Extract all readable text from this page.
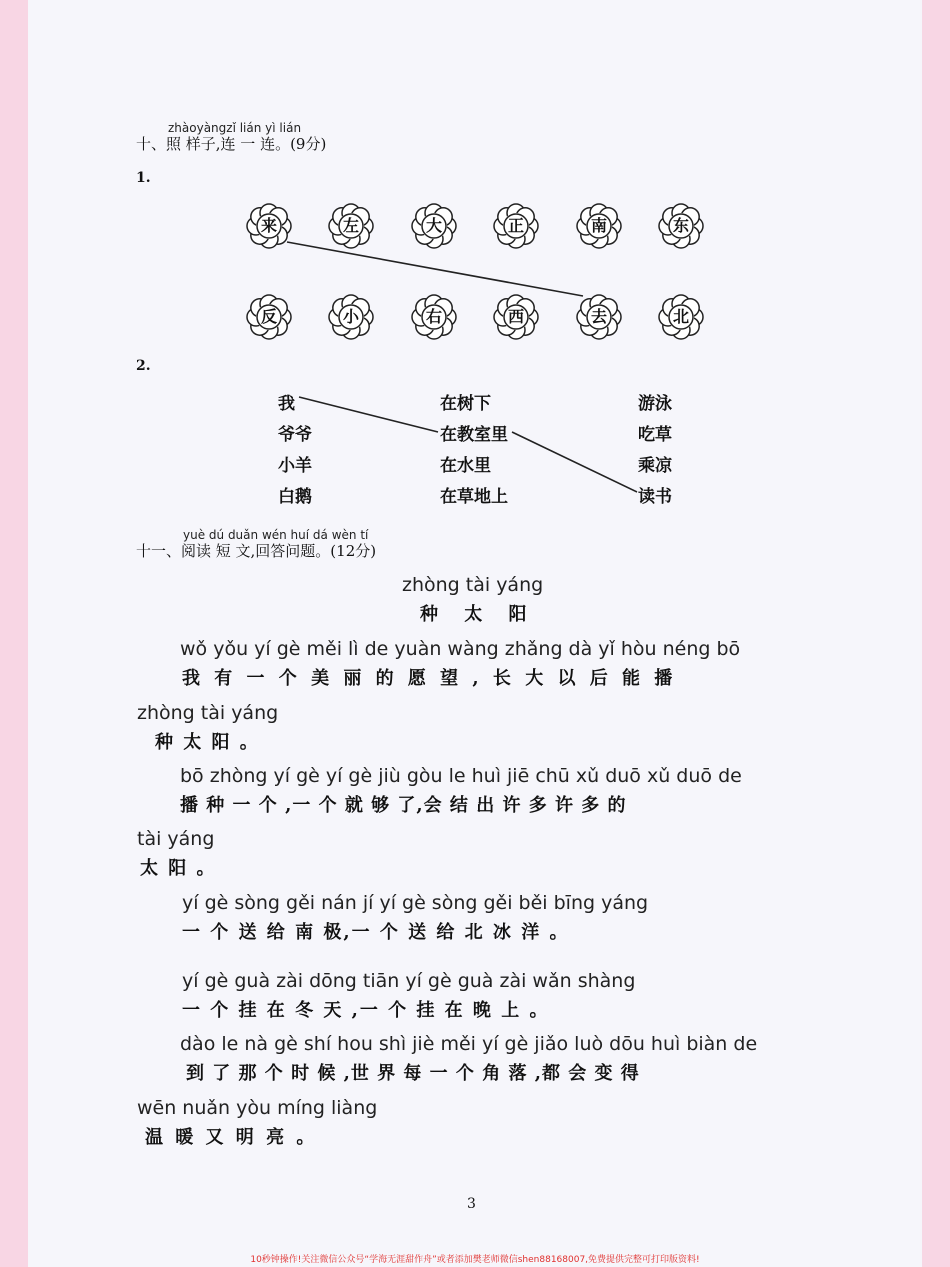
zhàoyàngzǐ lián yì lián
十、照 样子,连 一 连。(9分)
1.
来	左	大	正	南	东
反	小	右	西	去	北
2.
我
爷爷
小羊
白鹅
在树下
在教室里
在水里
在草地上
游泳
吃草
乘凉
读书
yuè dú duǎn wén huí dá wèn tí
十一、阅读 短 文,回答问题。(12分)
zhòng tài yáng
种 太 阳
wǒ yǒu yí gè měi lì de yuàn wàng zhǎng dà yǐ hòu néng bō
我 有 一 个 美 丽 的 愿 望 , 长 大 以 后 能 播
zhòng tài yáng
种 太 阳 。
bō zhòng yí gè yí gè jiù gòu le huì jiē chū xǔ duō xǔ duō de
播 种 一 个 ,一 个 就 够 了,会 结 出 许 多 许 多 的
tài yáng
太 阳 。
yí gè sòng gěi nán jí yí gè sòng gěi běi bīng yáng
一 个 送 给 南 极,一 个 送 给 北 冰 洋 。
yí gè guà zài dōng tiān yí gè guà zài wǎn shàng
一 个 挂 在 冬 天 ,一 个 挂 在 晚 上 。
dào le nà gè shí hou shì jiè měi yí gè jiǎo luò dōu huì biàn de
到 了 那 个 时 候 ,世 界 每 一 个 角 落 ,都 会 变 得
wēn nuǎn yòu míng liàng
温 暖 又 明 亮 。
3
10秒钟操作!关注微信公众号“学海无涯甜作舟”或者添加樊老师微信shen88168007,免费提供完整可打印版资料!
